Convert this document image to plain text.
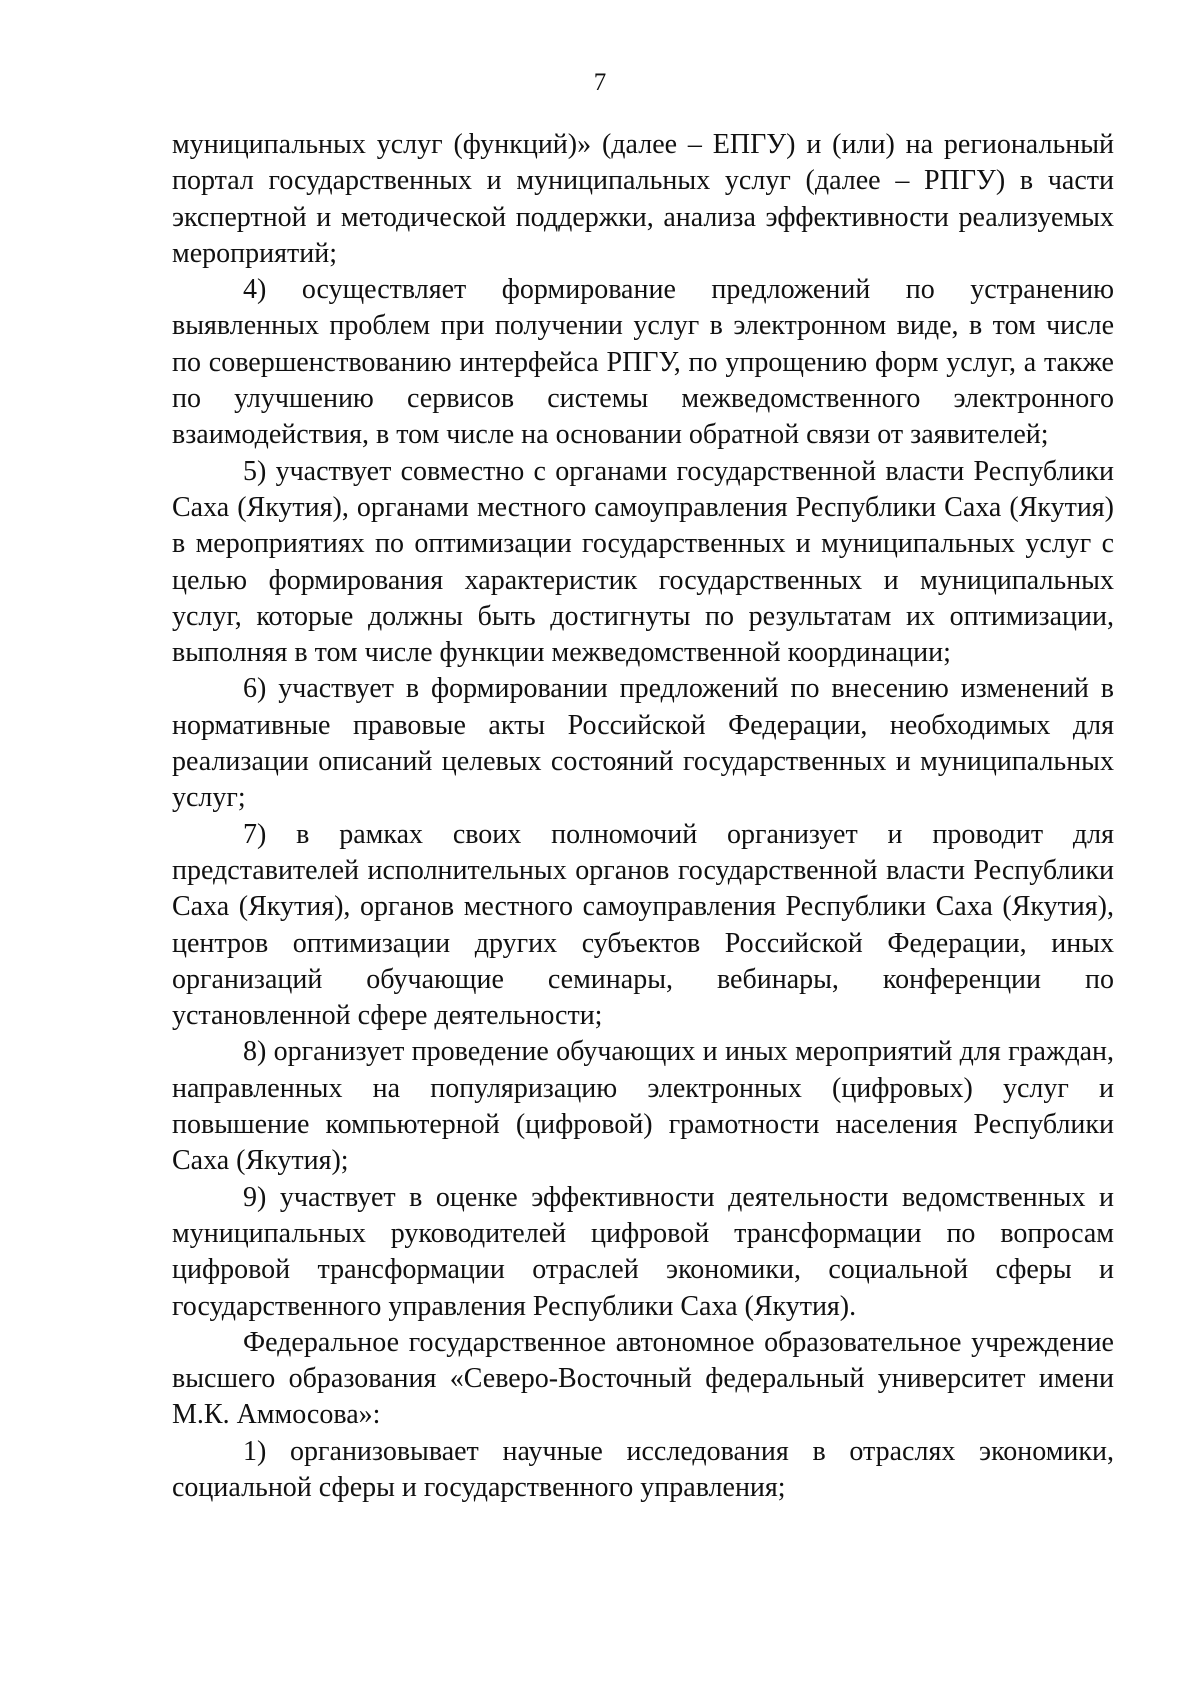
7

муниципальных услуг (функций)» (далее – ЕПГУ) и (или) на региональный портал государственных и муниципальных услуг (далее – РПГУ) в части экспертной и методической поддержки, анализа эффективности реализуемых мероприятий;

4) осуществляет формирование предложений по устранению выявленных проблем при получении услуг в электронном виде, в том числе по совершенствованию интерфейса РПГУ, по упрощению форм услуг, а также по улучшению сервисов системы межведомственного электронного взаимодействия, в том числе на основании обратной связи от заявителей;

5) участвует совместно с органами государственной власти Республики Саха (Якутия), органами местного самоуправления Республики Саха (Якутия) в мероприятиях по оптимизации государственных и муниципальных услуг с целью формирования характеристик государственных и муниципальных услуг, которые должны быть достигнуты по результатам их оптимизации, выполняя в том числе функции межведомственной координации;

6) участвует в формировании предложений по внесению изменений в нормативные правовые акты Российской Федерации, необходимых для реализации описаний целевых состояний государственных и муниципальных услуг;

7) в рамках своих полномочий организует и проводит для представителей исполнительных органов государственной власти Республики Саха (Якутия), органов местного самоуправления Республики Саха (Якутия), центров оптимизации других субъектов Российской Федерации, иных организаций обучающие семинары, вебинары, конференции по установленной сфере деятельности;

8) организует проведение обучающих и иных мероприятий для граждан, направленных на популяризацию электронных (цифровых) услуг и повышение компьютерной (цифровой) грамотности населения Республики Саха (Якутия);

9) участвует в оценке эффективности деятельности ведомственных и муниципальных руководителей цифровой трансформации по вопросам цифровой трансформации отраслей экономики, социальной сферы и государственного управления Республики Саха (Якутия).

Федеральное государственное автономное образовательное учреждение высшего образования «Северо-Восточный федеральный университет имени М.К. Аммосова»:

1) организовывает научные исследования в отраслях экономики, социальной сферы и государственного управления;
